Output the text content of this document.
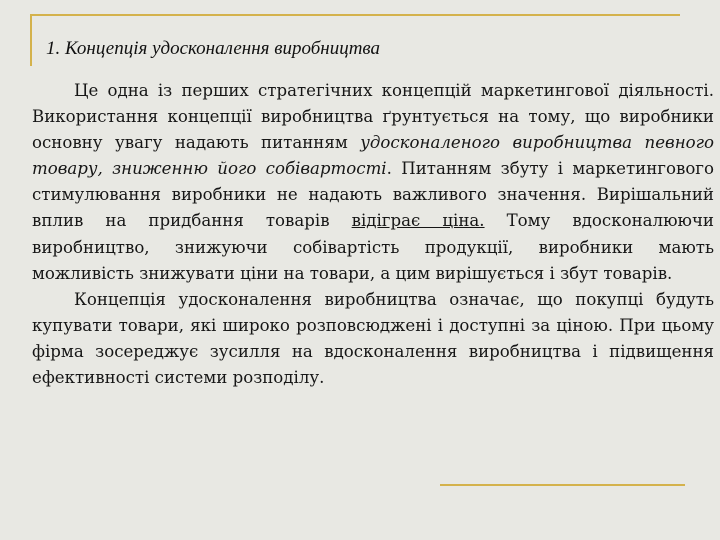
1. Концепція удосконалення виробництва

Це одна із перших стратегічних концепцій маркетингової діяльності. Використання концепції виробництва ґрунтується на тому, що виробники основну увагу надають питанням удосконаленого виробництва певного товару, зниженню його собівартості. Питанням збуту і маркетингового стимулювання виробники не надають важливого значення. Вирішальний вплив на придбання товарів відіграє ціна. Тому вдосконалюючи виробництво, знижуючи собівартість продукції, виробники мають можливість знижувати ціни на товари, а цим вирішується і збут товарів.

Концепція удосконалення виробництва означає, що покупці будуть купувати товари, які широко розповсюджені і доступні за ціною. При цьому фірма зосереджує зусилля на вдосконалення виробництва і підвищення ефективності системи розподілу.
